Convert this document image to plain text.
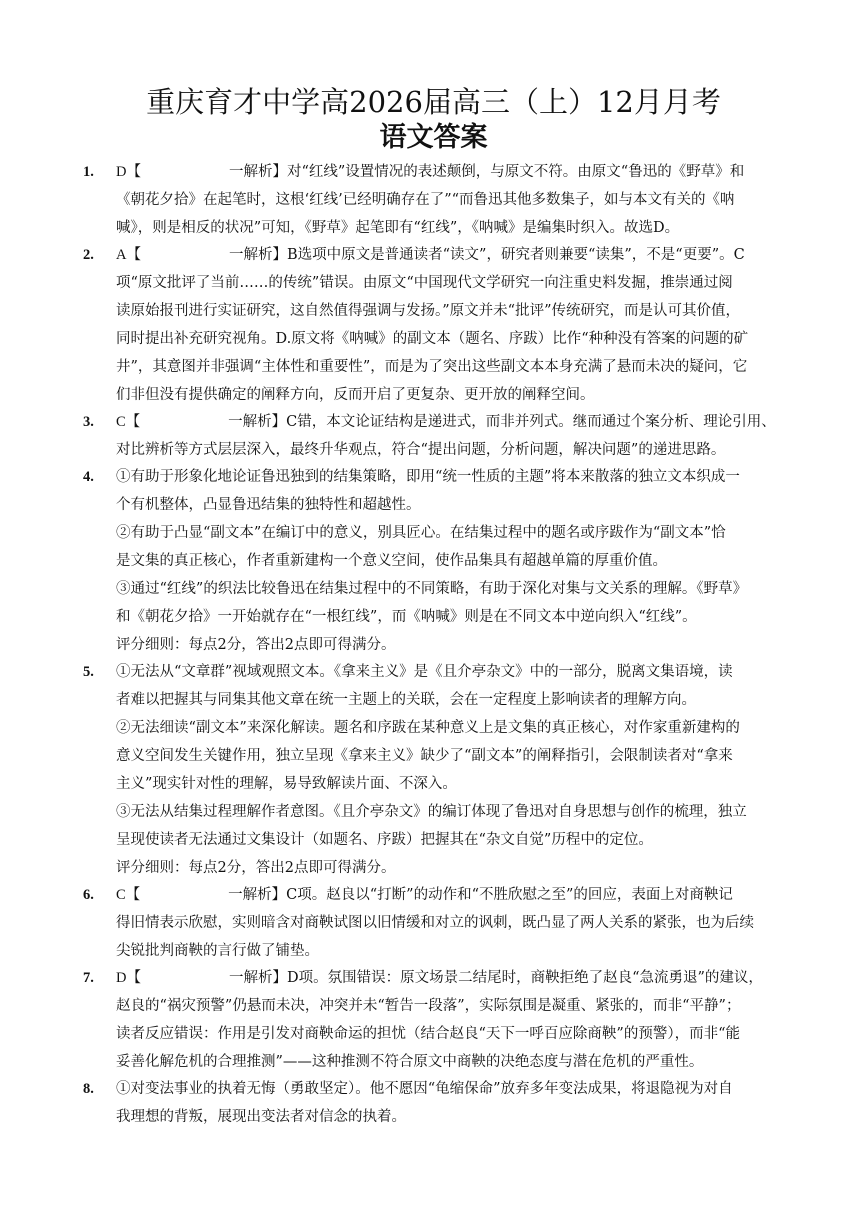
重庆育才中学高2026届高三（上）12月月考
语文答案
1. D【	一解析】对“红线”设置情况的表述颠倒，与原文不符。由原文“鲁迅的《野草》和

《朝花夕拾》在起笔时，这根‘红线’已经明确存在了”“而鲁迅其他多数集子，如与本文有关的《呐

喊》，则是相反的状况”可知，《野草》起笔即有“红线”，《呐喊》是编集时织入。故选D。

2. A【	一解析】B选项中原文是普通读者“读文”，研究者则兼要“读集”，不是“更要”。C

项“原文批评了当前……的传统”错误。由原文“中国现代文学研究一向注重史料发掘，推崇通过阅

读原始报刊进行实证研究，这自然值得强调与发扬。”原文并未“批评”传统研究，而是认可其价值，

同时提出补充研究视角。D.原文将《呐喊》的副文本（题名、序跋）比作“种种没有答案的问题的矿

井”，其意图并非强调“主体性和重要性”，而是为了突出这些副文本本身充满了悬而未决的疑问，它

们非但没有提供确定的阐释方向，反而开启了更复杂、更开放的阐释空间。

3. C【	一解析】C错，本文论证结构是递进式，而非并列式。继而通过个案分析、理论引用、

对比辨析等方式层层深入，最终升华观点，符合“提出问题，分析问题，解决问题”的递进思路。

4. ①有助于形象化地论证鲁迅独到的结集策略，即用“统一性质的主题”将本来散落的独立文本织成一

个有机整体，凸显鲁迅结集的独特性和超越性。

②有助于凸显“副文本”在编订中的意义，别具匠心。在结集过程中的题名或序跋作为“副文本”恰

是文集的真正核心，作者重新建构一个意义空间，使作品集具有超越单篇的厚重价值。

③通过“红线”的织法比较鲁迅在结集过程中的不同策略，有助于深化对集与文关系的理解。《野草》

和《朝花夕拾》一开始就存在“一根红线”，而《呐喊》则是在不同文本中逆向织入“红线”。

评分细则：每点2分，答出2点即可得满分。

5. ①无法从“文章群”视域观照文本。《拿来主义》是《且介亭杂文》中的一部分，脱离文集语境，读

者难以把握其与同集其他文章在统一主题上的关联，会在一定程度上影响读者的理解方向。

②无法细读“副文本”来深化解读。题名和序跋在某种意义上是文集的真正核心，对作家重新建构的

意义空间发生关键作用，独立呈现《拿来主义》缺少了“副文本”的阐释指引，会限制读者对“拿来

主义”现实针对性的理解，易导致解读片面、不深入。

③无法从结集过程理解作者意图。《且介亭杂文》的编订体现了鲁迅对自身思想与创作的梳理，独立

呈现使读者无法通过文集设计（如题名、序跋）把握其在“杂文自觉”历程中的定位。

评分细则：每点2分，答出2点即可得满分。

6. C【	一解析】C项。赵良以“打断”的动作和“不胜欣慰之至”的回应，表面上对商鞅记

得旧情表示欣慰，实则暗含对商鞅试图以旧情缓和对立的讽刺，既凸显了两人关系的紧张，也为后续

尖锐批判商鞅的言行做了铺垫。

7. D【	一解析】D项。氛围错误：原文场景二结尾时，商鞅拒绝了赵良“急流勇退”的建议，

赵良的“祸灾预警”仍悬而未决，冲突并未“暂告一段落”，实际氛围是凝重、紧张的，而非“平静”；

读者反应错误：作用是引发对商鞅命运的担忧（结合赵良“天下一呼百应除商鞅”的预警），而非“能

妥善化解危机的合理推测”——这种推测不符合原文中商鞅的决绝态度与潜在危机的严重性。

8. ①对变法事业的执着无悔（勇敢坚定）。他不愿因“龟缩保命”放弃多年变法成果，将退隐视为对自

我理想的背叛，展现出变法者对信念的执着。
